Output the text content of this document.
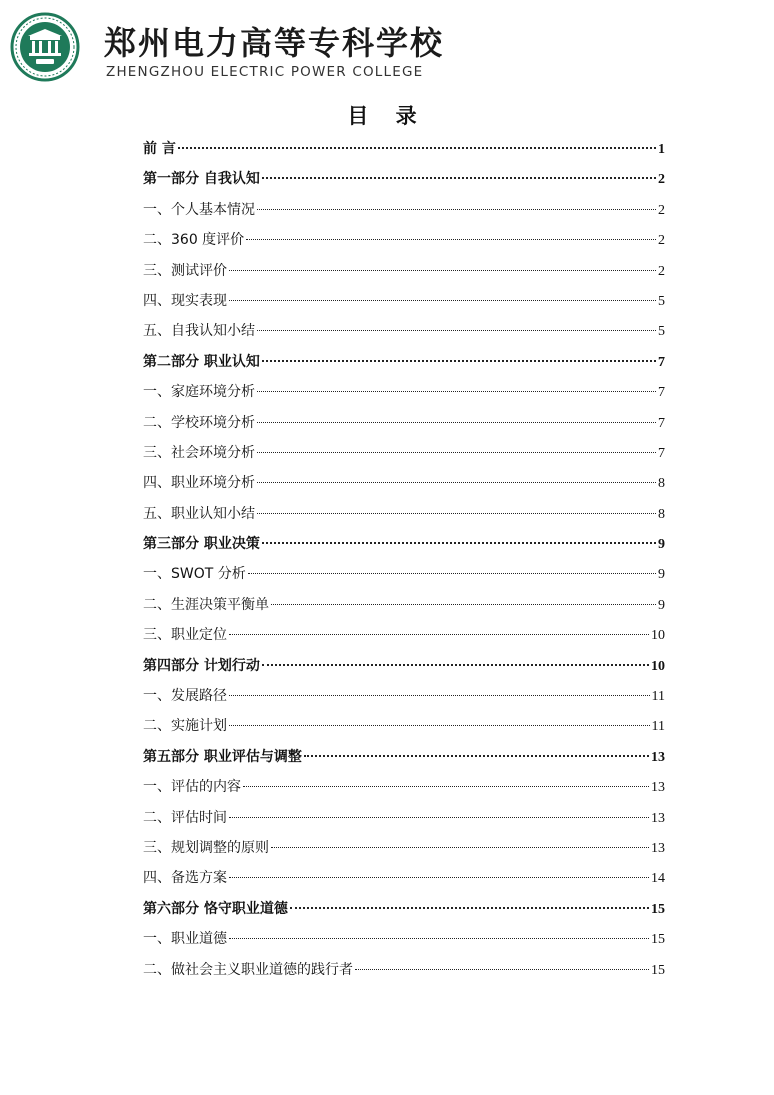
郑州电力高等专科学校
ZHENGZHOU ELECTRIC POWER COLLEGE
目 录
前 言	1
第一部分 自我认知	2
一、个人基本情况	2
二、360 度评价	2
三、测试评价	2
四、现实表现	5
五、自我认知小结	5
第二部分 职业认知	7
一、家庭环境分析	7
二、学校环境分析	7
三、社会环境分析	7
四、职业环境分析	8
五、职业认知小结	8
第三部分 职业决策	9
一、SWOT 分析	9
二、生涯决策平衡单	9
三、职业定位	10
第四部分 计划行动	10
一、发展路径	11
二、实施计划	11
第五部分 职业评估与调整	13
一、评估的内容	13
二、评估时间	13
三、规划调整的原则	13
四、备选方案	14
第六部分 恪守职业道德	15
一、职业道德	15
二、做社会主义职业道德的践行者	15
